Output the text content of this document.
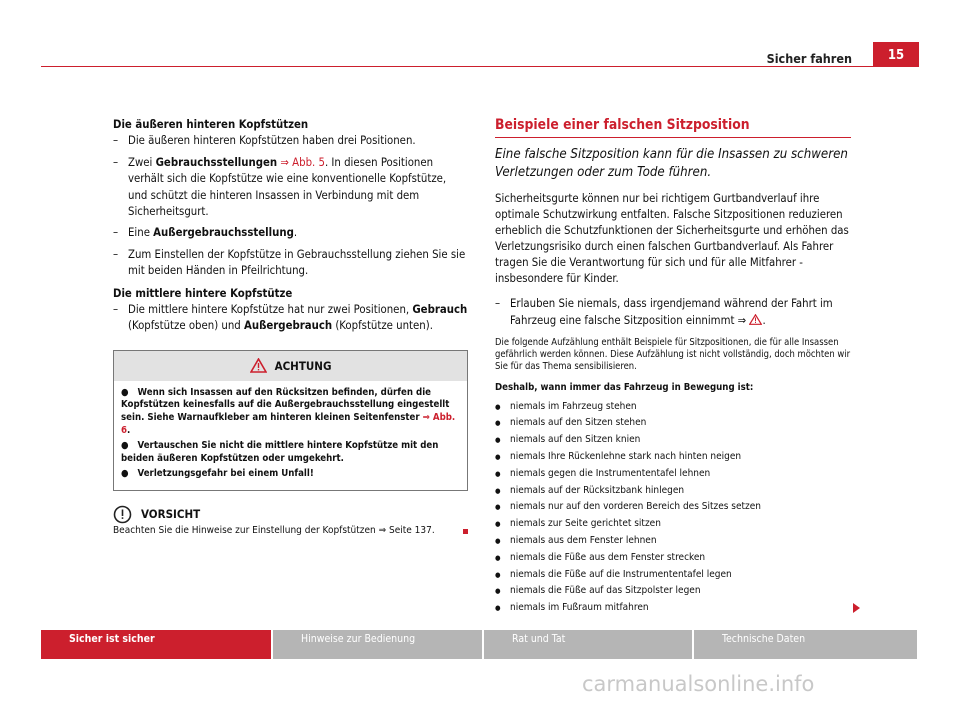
15
Sicher fahren

Die äußeren hinteren Kopfstützen

– Die äußeren hinteren Kopfstützen haben drei Positionen.

– Zwei Gebrauchsstellungen ⇒ Abb. 5. In diesen Positionen verhält sich die Kopfstütze wie eine konventionelle Kopfstütze, und schützt die hinteren Insassen in Verbindung mit dem Sicherheitsgurt.

– Eine Außergebrauchsstellung.

– Zum Einstellen der Kopfstütze in Gebrauchsstellung ziehen Sie sie mit beiden Händen in Pfeilrichtung.

Die mittlere hintere Kopfstütze

– Die mittlere hintere Kopfstütze hat nur zwei Positionen, Gebrauch (Kopfstütze oben) und Außergebrauch (Kopfstütze unten).

ACHTUNG

●   Wenn sich Insassen auf den Rücksitzen befinden, dürfen die Kopfstützen keinesfalls auf die Außergebrauchsstellung eingestellt sein. Siehe Warnaufkleber am hinteren kleinen Seitenfenster ⇒ Abb. 6.

●   Vertauschen Sie nicht die mittlere hintere Kopfstütze mit den beiden äußeren Kopfstützen oder umgekehrt.

●   Verletzungsgefahr bei einem Unfall!

VORSICHT
Beachten Sie die Hinweise zur Einstellung der Kopfstützen ⇒ Seite 137.

Beispiele einer falschen Sitzposition

Eine falsche Sitzposition kann für die Insassen zu schweren Verletzungen oder zum Tode führen.
Sicherheitsgurte können nur bei richtigem Gurtbandverlauf ihre optimale Schutzwirkung entfalten. Falsche Sitzpositionen reduzieren erheblich die Schutzfunktionen der Sicherheitsgurte und erhöhen das Verletzungsrisiko durch einen falschen Gurtbandverlauf. Als Fahrer tragen Sie die Verantwortung für sich und für alle Mitfahrer - insbesondere für Kinder.

– Erlauben Sie niemals, dass irgendjemand während der Fahrt im Fahrzeug eine falsche Sitzposition einnimmt ⇒ .

Die folgende Aufzählung enthält Beispiele für Sitzpositionen, die für alle Insassen gefährlich werden können. Diese Aufzählung ist nicht vollständig, doch möchten wir Sie für das Thema sensibilisieren.
Deshalb, wann immer das Fahrzeug in Bewegung ist:

● niemals im Fahrzeug stehen

● niemals auf den Sitzen stehen

● niemals auf den Sitzen knien

● niemals Ihre Rückenlehne stark nach hinten neigen

● niemals gegen die Instrumententafel lehnen

● niemals auf der Rücksitzbank hinlegen

● niemals nur auf den vorderen Bereich des Sitzes setzen

● niemals zur Seite gerichtet sitzen

● niemals aus dem Fenster lehnen

● niemals die Füße aus dem Fenster strecken

● niemals die Füße auf die Instrumententafel legen

● niemals die Füße auf das Sitzpolster legen

● niemals im Fußraum mitfahren

Sicher ist sicher	Hinweise zur Bedienung	Rat und Tat	Technische Daten
carmanualsonline.info
